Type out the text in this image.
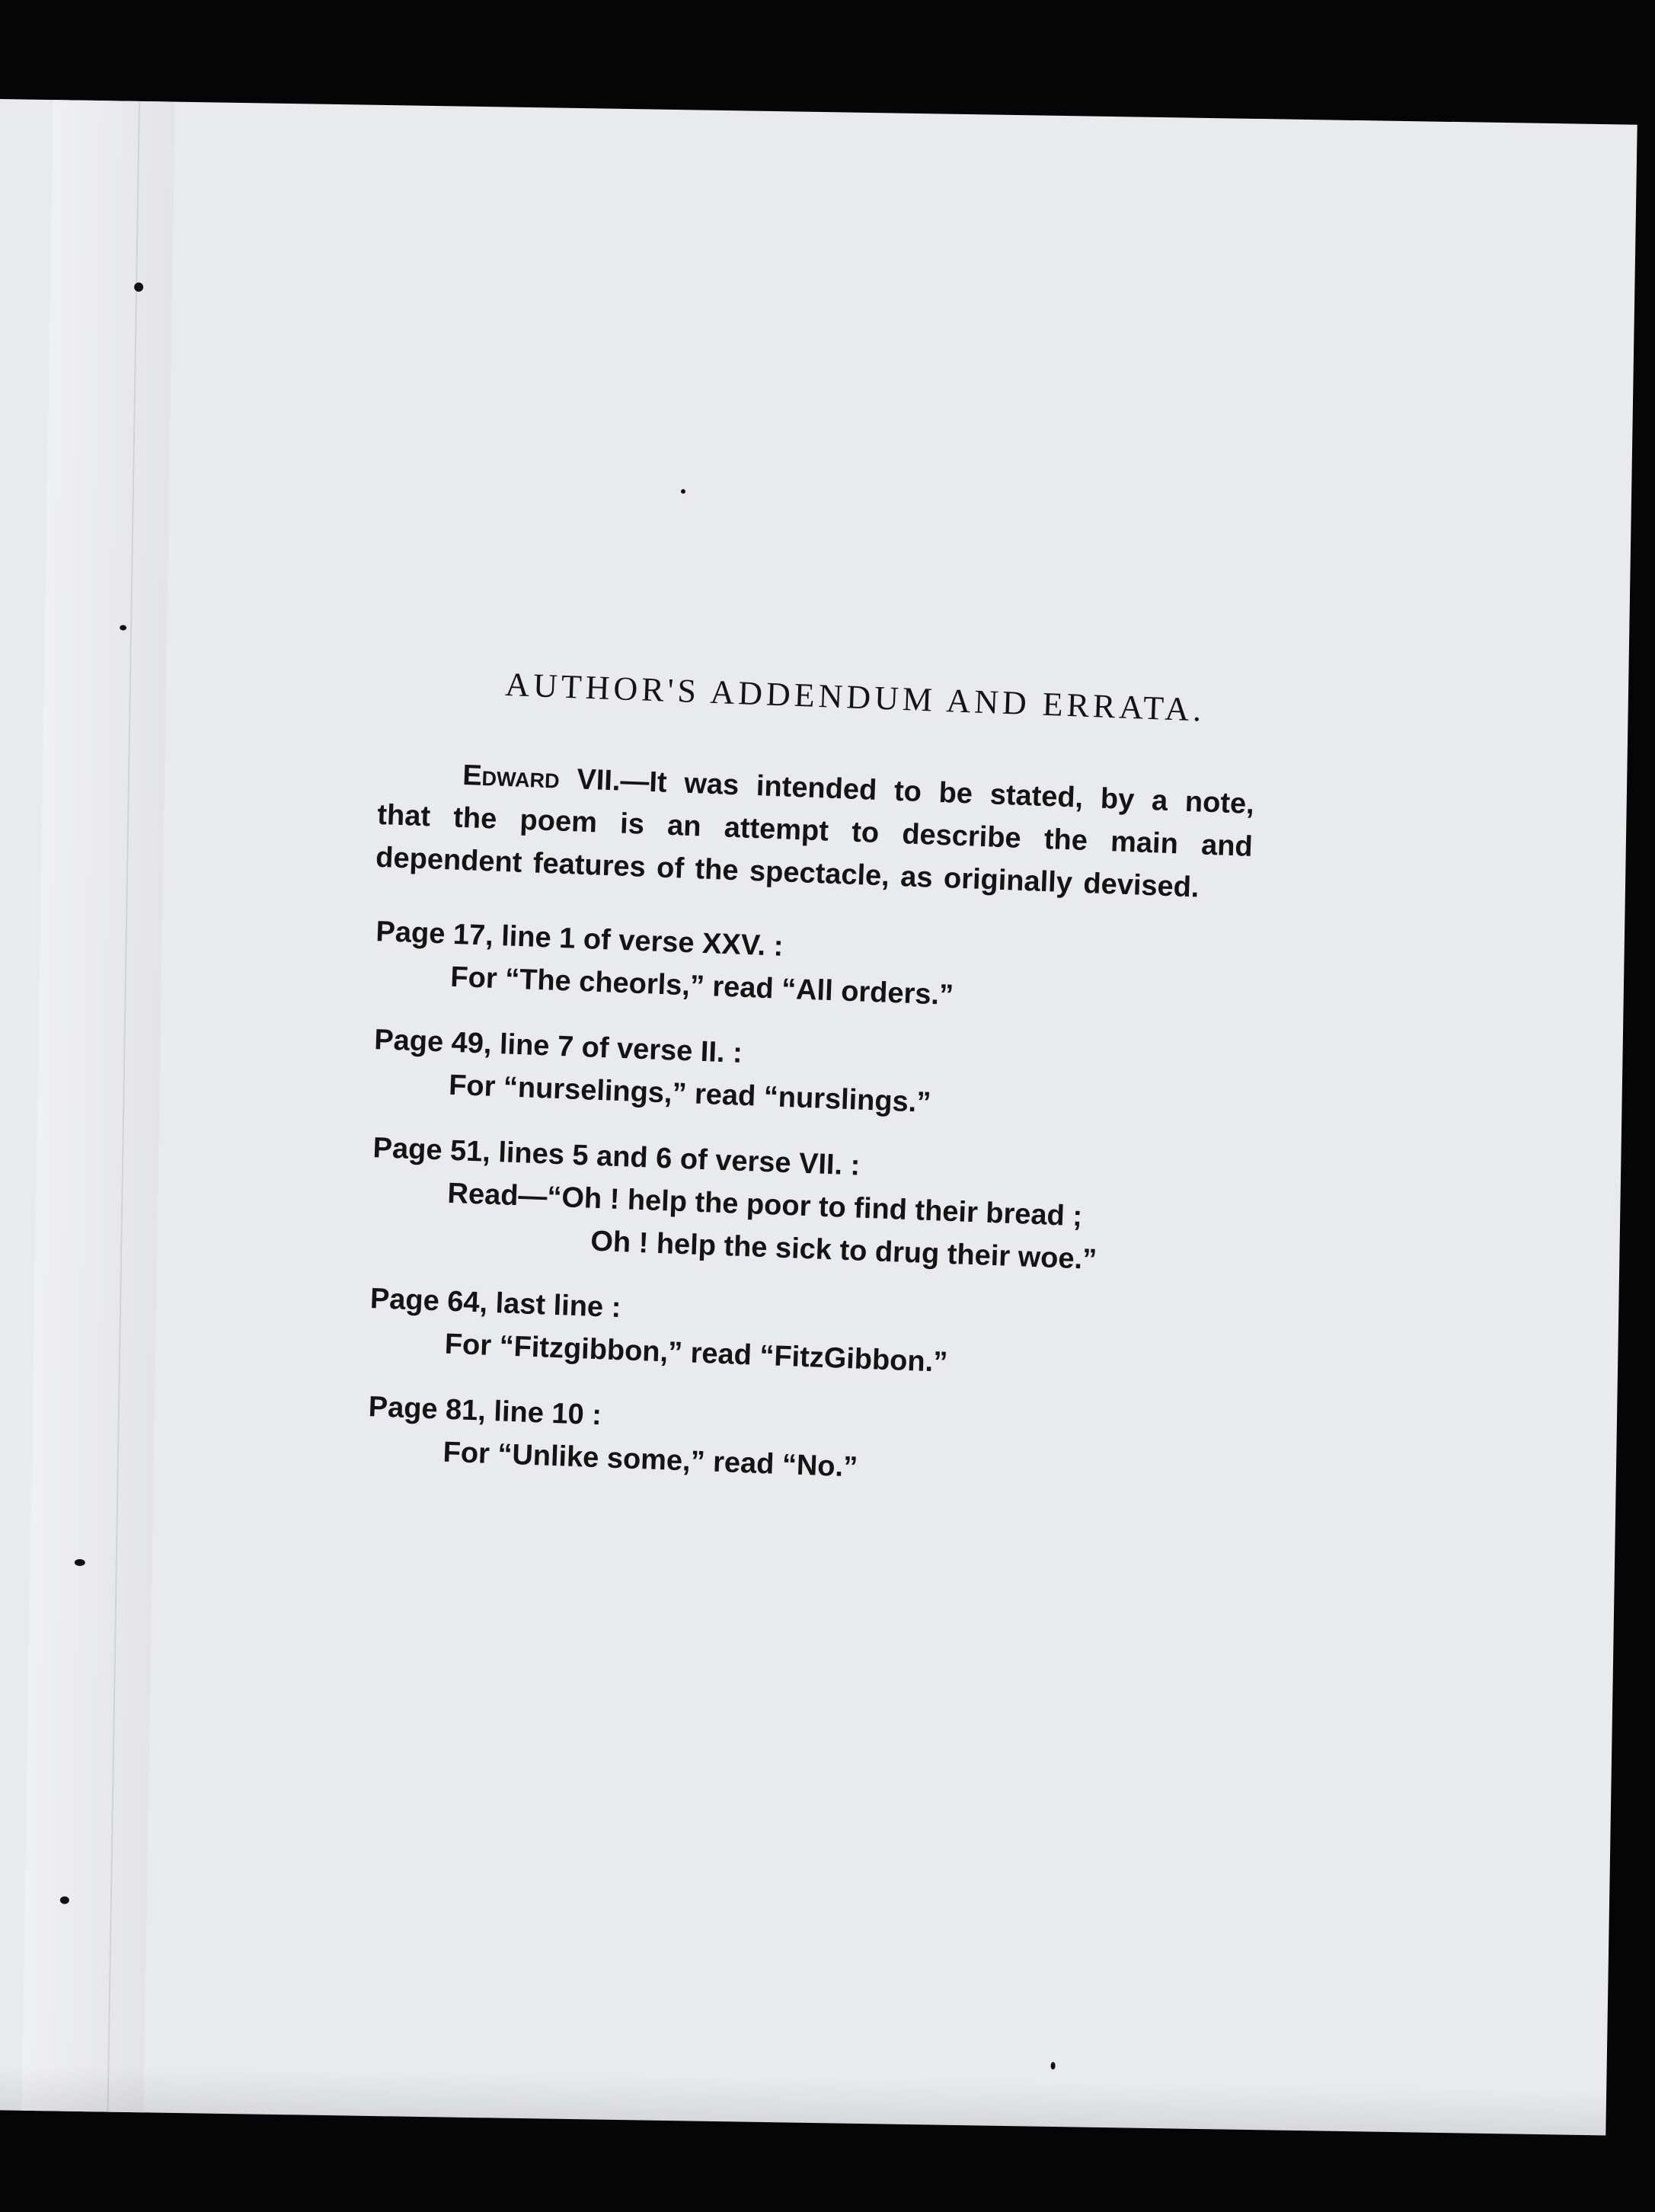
AUTHOR'S ADDENDUM AND ERRATA.
Edward VII.—It was intended to be stated, by a note, that the poem is an attempt to describe the main and dependent features of the spectacle, as originally devised.
Page 17, line 1 of verse XXV. :
For “The cheorls,” read “All orders.”
Page 49, line 7 of verse II. :
For “nurselings,” read “nurslings.”
Page 51, lines 5 and 6 of verse VII. :
Read—“Oh ! help the poor to find their bread ;
Oh ! help the sick to drug their woe.”
Page 64, last line :
For “Fitzgibbon,” read “FitzGibbon.”
Page 81, line 10 :
For “Unlike some,” read “No.”
